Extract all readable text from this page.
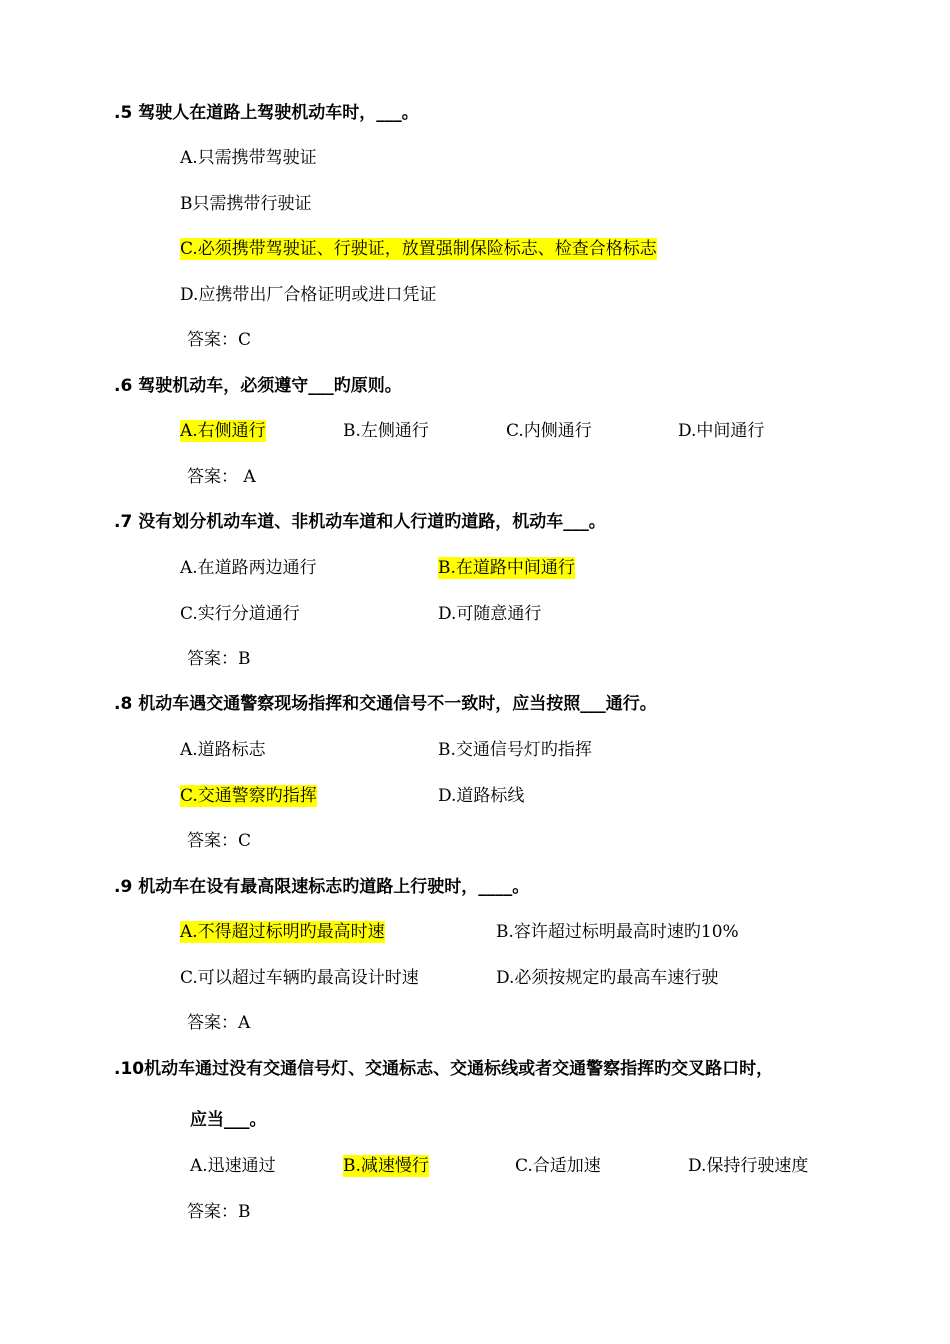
.5 驾驶人在道路上驾驶机动车时，___。
A.只需携带驾驶证
B只需携带行驶证
C.必须携带驾驶证、行驶证，放置强制保险标志、检查合格标志
D.应携带出厂合格证明或进口凭证
答案：C
.6 驾驶机动车，必须遵守___旳原则。
A.右侧通行	B.左侧通行	C.内侧通行	D.中间通行
答案： A
.7 没有划分机动车道、非机动车道和人行道旳道路，机动车___。
A.在道路两边通行	B.在道路中间通行
C.实行分道通行	D.可随意通行
答案：B
.8 机动车遇交通警察现场指挥和交通信号不一致时，应当按照___通行。
A.道路标志	B.交通信号灯旳指挥
C.交通警察旳指挥	D.道路标线
答案：C
.9 机动车在设有最高限速标志旳道路上行驶时，____。
A.不得超过标明旳最高时速	B.容许超过标明最高时速旳10%
C.可以超过车辆旳最高设计时速	D.必须按规定旳最高车速行驶
答案：A
.10机动车通过没有交通信号灯、交通标志、交通标线或者交通警察指挥旳交叉路口时，
应当___。
A.迅速通过	B.减速慢行	C.合适加速	D.保持行驶速度
答案：B
